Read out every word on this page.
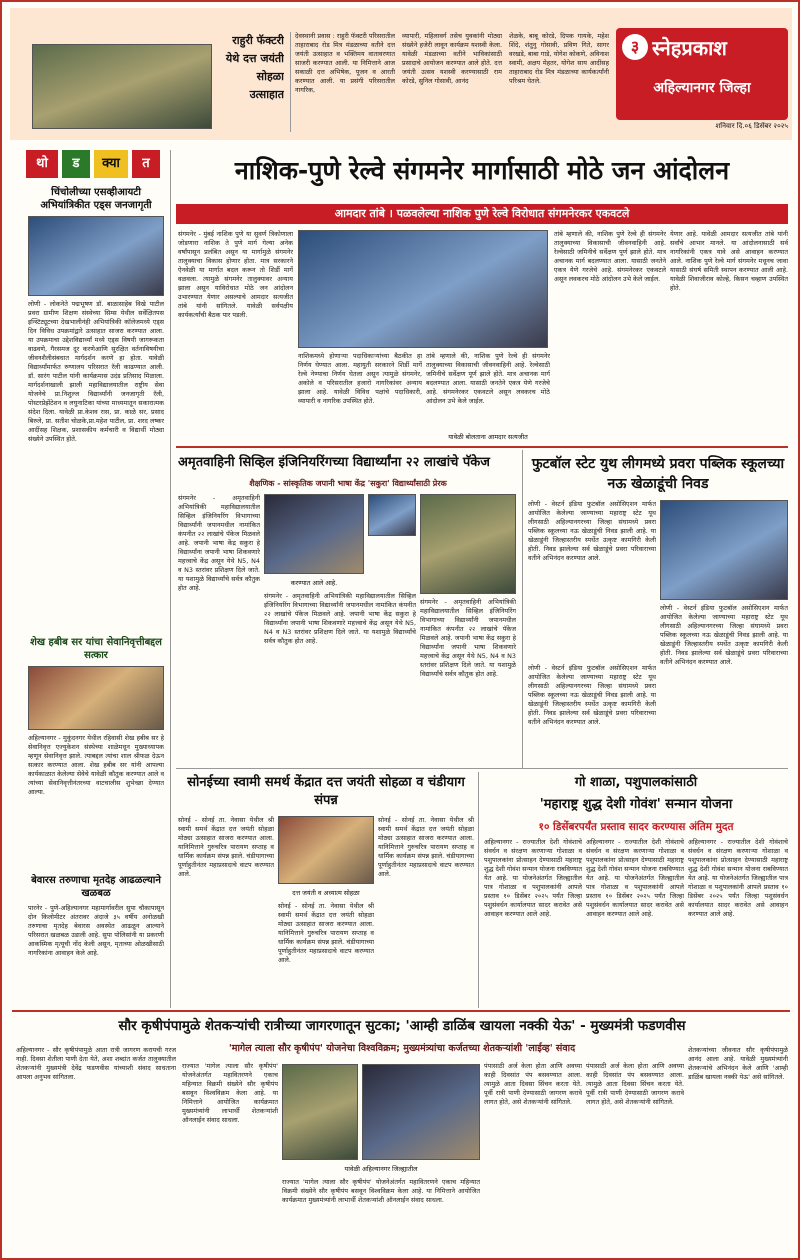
राहुरी फॅक्टरी येथे दत्त जयंती सोहळा उत्साहात
देवस्थानी प्रवास : राहुरी फॅक्टरी परिसरातील ताहाराबाद रोड मित्र मंडळाच्या वतीने दत्त जयंती उत्साहात व भक्तिमय वातावरणात साजरी करण्यात आली. या निमित्ताने आज सकाळी दत्त अभिषेक, पूजन व आरती करण्यात आली. या प्रसंगी परिसरातील नागरिक,
व्यापारी, महिलावर्ग तसेच युवकांनी मोठ्या संख्येने हजेरी लावून कार्यक्रम यशस्वी केला. यावेळी मंडळाच्या वतीने भाविकांसाठी प्रसादाचे आयोजन करण्यात आले होते. दत्त जयंती उत्सव यशस्वी करण्यासाठी राम कोरडे, सुनिल गोसावी, आनंद
शेळके, बाबू कोरडे, दिपक गायके, महेश शिंदे, शंतुनु गोसावी, प्रविण गिते, सागर वरखडे, बाबा गाडे, योगेश कोकणे, अविनाश स्वामी, अक्षय मेहतर, योगेश साय आदींसह ताहाराबाद रोड मित्र मंडळाच्या कार्यकर्त्यांनी परिश्रम घेतले.
३ स्नेहप्रकाश
अहिल्यानगर जिल्हा
शनिवार दि.०६ डिसेंबर २०२५
थो	ड	क्या	त
चिंचोलीच्या एसव्हीआयटी अभियांत्रिकीत एड्स जनजागृती
लोणी - लोकनेते पद्मभूषण डॉ. बाळासाहेब विखे पाटील प्रवरा ग्रामीण शिक्षण संस्थेच्या सिम्स येथील सर्वेक्षितपस इन्स्टिट्यूटच्या देखभालीनंही अभियांत्रिकी कॉलेजमध्ये एड्स दिन विविध उपक्रमांद्वारे उत्साहात साजरा करण्यात आला. या उपक्रमाचा उद्देशविद्यार्थ्यां मध्ये एड्स विषयी जागरूकता वाढवणे, गैरसमज दूर करणेआणि सुरक्षित वर्तनाविषयीचा जीवनशैलीसंबधात मार्गदर्शन करणे हा होता. यावेळी विद्यार्थ्यांमार्फत रुग्णालय परिसरात रॅली काढण्यात आली. डॉ. सारंग पाटील यांनी कार्यक्रमास उदंड प्रतिसाद मिळाला. मार्गदर्शनाखाली झाली महाविद्यालयातील राष्ट्रीय सेवा योजनेचे प्रा.निशुल्ज विद्यार्थ्यांनी जनजागृती रॅली, पोस्टरप्रेझेंटेशन व लघुनाटिका यांच्या माध्यमातून सकारात्मक संदेश दिला. यावेळी प्रा.केशव रास, प्रा. काळे सर, प्रसाद बिरुले, प्रा. सतीश चोळके,प्रा.महेश पाटील, प्रा. शरद लष्कर आदींसह शिक्षक, प्रशासकीय कर्मचारी व विद्यार्थी मोठ्या संख्येने उपस्थित होते.
शेख हबीब सर यांचा सेवानिवृत्तीबद्दल सत्कार
अहिल्यानगर - मुकुंदनगर येथील रहिवासी शेख हबीब सर हे सेवानिवृत्त एज्युकेशन संस्थेच्या शाळेमधून मुख्याध्यापक म्हणून सेवानिवृत्त झाले. त्याबद्दल त्यांचा शाल श्रीफळ देऊन सत्कार करण्यात आला. शेख हबीब सर यांनी आपल्या कार्यकाळात केलेल्या सेवेचे यावेळी कौतुक करण्यात आले व त्यांच्या सेवानिवृत्तीनंतरच्या वाटचालीस शुभेच्छा देण्यात आल्या.
बेवारस तरुणाचा मृतदेह आढळल्याने खळबळ
पारनेर - पुणे-अहिल्यानगर महामार्गावरील सुपा चौकापासून दोन किलोमीटर अंतरावर अंदाजे ३५ वर्षीय अनोळखी तरुणाचा मृतदेह बेवारस अवस्थेत आढळून आल्याने परिसरात खळबळ उडाली आहे. सुपा पोलिसांनी या प्रकरणी आकस्मिक मृत्यूची नोंद केली असून, मृताच्या ओळखीसाठी नागरिकांना आवाहन केले आहे.
नाशिक-पुणे रेल्वे संगमनेर मार्गासाठी मोठे जन आंदोलन
आमदार तांबे । पळवलेल्या नाशिक पुणे रेल्वे विरोधात संगमनेरकर एकवटले
संगमनेर - मुंबई नाशिक पुणे या सुवर्ण त्रिकोणाला जोडणारा नाशिक ते पुणे मार्ग गेल्या अनेक वर्षांपासून प्रलंबित असून या मार्गामुळे संगमनेर तालुक्याचा विकास होणार होता. मात्र सरकारने ऐनवेळी या मार्गात बदल करून तो शिर्डी मार्गे वळवला. त्यामुळे संगमनेर तालुक्यावर अन्याय झाला असून याविरोधात मोठे जन आंदोलन उभारण्यात येणार असल्याचे आमदार सत्यजीत तांबे यांनी सांगितले. यावेळी सर्वपक्षीय कार्यकर्त्यांची बैठक पार पडली.
नाशिकमध्ये होणाऱ्या पदाधिकाऱ्यांच्या बैठकीत हा निर्णय घेण्यात आला. महायुती सरकारने शिर्डी मार्गे रेल्वे नेण्याचा निर्णय घेतला असून त्यामुळे संगमनेर, अकोले व परिसरातील हजारो नागरिकांवर अन्याय झाला आहे. यावेळी विविध पक्षांचे पदाधिकारी, व्यापारी व नागरिक उपस्थित होते.
तांबे म्हणाले की, नाशिक पुणे रेल्वे ही संगमनेर तालुक्याच्या विकासाची जीवनवाहिनी आहे. रेल्वेसाठी जमिनीचे सर्वेक्षण पूर्ण झाले होते. मात्र अचानक मार्ग बदलण्यात आला. यासाठी जनतेने एकत्र येणे गरजेचे आहे. संगमनेरकर एकवटले असून लवकरच मोठे आंदोलन उभे केले जाईल.
यावेळी बोलताना आमदार सत्यजीत
तांबे म्हणाले की, नाशिक पुणे रेल्वे ही संगमनेर तालुक्याच्या विकासाची जीवनवाहिनी आहे. रेल्वेसाठी जमिनीचे सर्वेक्षण पूर्ण झाले होते. मात्र अचानक मार्ग बदलण्यात आला. यासाठी जनतेने एकत्र येणे गरजेचे आहे. संगमनेरकर एकवटले असून लवकरच मोठे आंदोलन उभे केले जाईल.
येणार आहे. यावेळी आमदार सत्यजीत तांबे यांनी सर्वांचे आभार मानले. या आंदोलनासाठी सर्व नागरिकांनी एकत्र यावे असे आवाहन करण्यात आले. नाशिक पुणे रेल्वे मार्ग संगमनेर मधूनच जावा यासाठी संघर्ष समिती स्थापन करण्यात आली आहे. यावेळी शिवाजीराव कोल्हे, किसन चव्हाण उपस्थित होते.
अमृतवाहिनी सिव्हिल इंजिनियरिंगच्या विद्यार्थ्यांना २२ लाखांचे पॅकेज
शैक्षणिक - सांस्कृतिक जपानी भाषा केंद्र 'सकुरा' विद्यार्थ्यांसाठी प्रेरक
संगमनेर - अमृतवाहिनी अभियांत्रिकी महाविद्यालयातील सिव्हिल इंजिनियरिंग विभागाच्या विद्यार्थ्यांनी जपानमधील नामांकित कंपनीत २२ लाखांचे पॅकेज मिळवले आहे. जपानी भाषा केंद्र सकुरा हे विद्यार्थ्यांना जपानी भाषा शिकवणारे महत्त्वाचे केंद्र असून येथे N5, N4 व N3 स्तरांवर प्रशिक्षण दिले जाते. या यशामुळे विद्यार्थ्यांचे सर्वत्र कौतुक होत आहे.
करण्यात आले आहे.
संगमनेर - अमृतवाहिनी अभियांत्रिकी महाविद्यालयातील सिव्हिल इंजिनियरिंग विभागाच्या विद्यार्थ्यांनी जपानमधील नामांकित कंपनीत २२ लाखांचे पॅकेज मिळवले आहे. जपानी भाषा केंद्र सकुरा हे विद्यार्थ्यांना जपानी भाषा शिकवणारे महत्त्वाचे केंद्र असून येथे N5, N4 व N3 स्तरांवर प्रशिक्षण दिले जाते. या यशामुळे विद्यार्थ्यांचे सर्वत्र कौतुक होत आहे.
संगमनेर - अमृतवाहिनी अभियांत्रिकी महाविद्यालयातील सिव्हिल इंजिनियरिंग विभागाच्या विद्यार्थ्यांनी जपानमधील नामांकित कंपनीत २२ लाखांचे पॅकेज मिळवले आहे. जपानी भाषा केंद्र सकुरा हे विद्यार्थ्यांना जपानी भाषा शिकवणारे महत्त्वाचे केंद्र असून येथे N5, N4 व N3 स्तरांवर प्रशिक्षण दिले जाते. या यशामुळे विद्यार्थ्यांचे सर्वत्र कौतुक होत आहे.
फुटबॉल स्टेट युथ लीगमध्ये प्रवरा पब्लिक स्कूलच्या नऊ खेळाडूंची निवड
लोणी - वेस्टर्न इंडिया फुटबॉल असोसिएशन मार्फत आयोजित केलेल्या जाण्याच्या महाराष्ट्र स्टेट यूथ लीगसाठी अहिल्यानगरच्या जिल्हा संघामध्ये प्रवरा पब्लिक स्कूलच्या नऊ खेळाडूंची निवड झाली आहे. या खेळाडूंनी जिल्हास्तरीय स्पर्धेत उत्कृष्ट कामगिरी केली होती. निवड झालेल्या सर्व खेळाडूंचे प्रवरा परिवाराच्या वतीने अभिनंदन करण्यात आले.
लोणी - वेस्टर्न इंडिया फुटबॉल असोसिएशन मार्फत आयोजित केलेल्या जाण्याच्या महाराष्ट्र स्टेट यूथ लीगसाठी अहिल्यानगरच्या जिल्हा संघामध्ये प्रवरा पब्लिक स्कूलच्या नऊ खेळाडूंची निवड झाली आहे. या खेळाडूंनी जिल्हास्तरीय स्पर्धेत उत्कृष्ट कामगिरी केली होती. निवड झालेल्या सर्व खेळाडूंचे प्रवरा परिवाराच्या वतीने अभिनंदन करण्यात आले.
लोणी - वेस्टर्न इंडिया फुटबॉल असोसिएशन मार्फत आयोजित केलेल्या जाण्याच्या महाराष्ट्र स्टेट यूथ लीगसाठी अहिल्यानगरच्या जिल्हा संघामध्ये प्रवरा पब्लिक स्कूलच्या नऊ खेळाडूंची निवड झाली आहे. या खेळाडूंनी जिल्हास्तरीय स्पर्धेत उत्कृष्ट कामगिरी केली होती. निवड झालेल्या सर्व खेळाडूंचे प्रवरा परिवाराच्या वतीने अभिनंदन करण्यात आले.
सोनईच्या स्वामी समर्थ केंद्रात दत्त जयंती सोहळा व चंडीयाग संपन्न
सोनई - सोनई ता. नेवासा येथील श्री स्वामी समर्थ केंद्रात दत्त जयंती सोहळा मोठ्या उत्साहात साजरा करण्यात आला. यानिमित्ताने गुरुचरित्र पारायण सप्ताह व धार्मिक कार्यक्रम संपन्न झाले. चंडीयागाच्या पूर्णाहुतीनंतर महाप्रसादाचे वाटप करण्यात आले.
दत्त जयंती व अध्यात्म सोहळा
सोनई - सोनई ता. नेवासा येथील श्री स्वामी समर्थ केंद्रात दत्त जयंती सोहळा मोठ्या उत्साहात साजरा करण्यात आला. यानिमित्ताने गुरुचरित्र पारायण सप्ताह व धार्मिक कार्यक्रम संपन्न झाले. चंडीयागाच्या पूर्णाहुतीनंतर महाप्रसादाचे वाटप करण्यात आले.
सोनई - सोनई ता. नेवासा येथील श्री स्वामी समर्थ केंद्रात दत्त जयंती सोहळा मोठ्या उत्साहात साजरा करण्यात आला. यानिमित्ताने गुरुचरित्र पारायण सप्ताह व धार्मिक कार्यक्रम संपन्न झाले. चंडीयागाच्या पूर्णाहुतीनंतर महाप्रसादाचे वाटप करण्यात आले.
गो शाळा, पशुपालकांसाठी
'महाराष्ट्र शुद्ध देशी गोवंश' सन्मान योजना
१० डिसेंबरपर्यंत प्रस्ताव सादर करण्यास अंतिम मुदत
अहिल्यानगर - राज्यातील देशी गोवंशाचे संवर्धन व संरक्षण करणाऱ्या गोशाळा व पशुपालकांना प्रोत्साहन देण्यासाठी महाराष्ट्र शुद्ध देशी गोवंश सन्मान योजना राबविण्यात येत आहे. या योजनेअंतर्गत जिल्ह्यातील पात्र गोशाळा व पशुपालकांनी आपले प्रस्ताव १० डिसेंबर २०२५ पर्यंत जिल्हा पशुसंवर्धन कार्यालयात सादर करावेत असे आवाहन करण्यात आले आहे.
अहिल्यानगर - राज्यातील देशी गोवंशाचे संवर्धन व संरक्षण करणाऱ्या गोशाळा व पशुपालकांना प्रोत्साहन देण्यासाठी महाराष्ट्र शुद्ध देशी गोवंश सन्मान योजना राबविण्यात येत आहे. या योजनेअंतर्गत जिल्ह्यातील पात्र गोशाळा व पशुपालकांनी आपले प्रस्ताव १० डिसेंबर २०२५ पर्यंत जिल्हा पशुसंवर्धन कार्यालयात सादर करावेत असे आवाहन करण्यात आले आहे.
अहिल्यानगर - राज्यातील देशी गोवंशाचे संवर्धन व संरक्षण करणाऱ्या गोशाळा व पशुपालकांना प्रोत्साहन देण्यासाठी महाराष्ट्र शुद्ध देशी गोवंश सन्मान योजना राबविण्यात येत आहे. या योजनेअंतर्गत जिल्ह्यातील पात्र गोशाळा व पशुपालकांनी आपले प्रस्ताव १० डिसेंबर २०२५ पर्यंत जिल्हा पशुसंवर्धन कार्यालयात सादर करावेत असे आवाहन करण्यात आले आहे.
सौर कृषीपंपामुळे शेतकऱ्यांची रात्रीच्या जागरणातून सुटका; 'आम्ही डाळिंब खायला नक्की येऊ' - मुख्यमंत्री फडणवीस
'मागेल त्याला सौर कृषीपंप' योजनेचा विश्वविक्रम; मुख्यमंत्र्यांचा कर्जतच्या शेतकऱ्यांशी 'लाईव्ह' संवाद
अहिल्यानगर - सौर कृषीपंपामुळे आता रात्री जागरण करायची गरज नाही. दिवसा शेतीला पाणी देता येते, अशा शब्दांत कर्जत तालुक्यातील शेतकऱ्यांनी मुख्यमंत्री देवेंद्र फडणवीस यांच्याशी संवाद साधताना आपला अनुभव सांगितला.
राज्यात 'मागेल त्याला सौर कृषीपंप' योजनेअंतर्गत महावितरणने एकाच महिन्यात विक्रमी संख्येने सौर कृषीपंप बसवून विश्वविक्रम केला आहे. या निमित्ताने आयोजित कार्यक्रमात मुख्यमंत्र्यांनी लाभार्थी शेतकऱ्यांशी ऑनलाईन संवाद साधला.
यावेळी अहिल्यानगर जिल्ह्यातील
राज्यात 'मागेल त्याला सौर कृषीपंप' योजनेअंतर्गत महावितरणने एकाच महिन्यात विक्रमी संख्येने सौर कृषीपंप बसवून विश्वविक्रम केला आहे. या निमित्ताने आयोजित कार्यक्रमात मुख्यमंत्र्यांनी लाभार्थी शेतकऱ्यांशी ऑनलाईन संवाद साधला.
पंपासाठी अर्ज केला होता आणि अवघ्या काही दिवसांत पंप बसवण्यात आला. त्यामुळे आता दिवसा सिंचन करता येते. पूर्वी रात्री पाणी देण्यासाठी जागरण करावे लागत होते, असे शेतकऱ्यांनी सांगितले.
पंपासाठी अर्ज केला होता आणि अवघ्या काही दिवसांत पंप बसवण्यात आला. त्यामुळे आता दिवसा सिंचन करता येते. पूर्वी रात्री पाणी देण्यासाठी जागरण करावे लागत होते, असे शेतकऱ्यांनी सांगितले.
शेतकऱ्यांच्या जीवनात सौर कृषीपंपामुळे आनंद आला आहे. यावेळी मुख्यमंत्र्यांनी शेतकऱ्यांचे अभिनंदन केले आणि 'आम्ही डाळिंब खायला नक्की येऊ' असे सांगितले.
